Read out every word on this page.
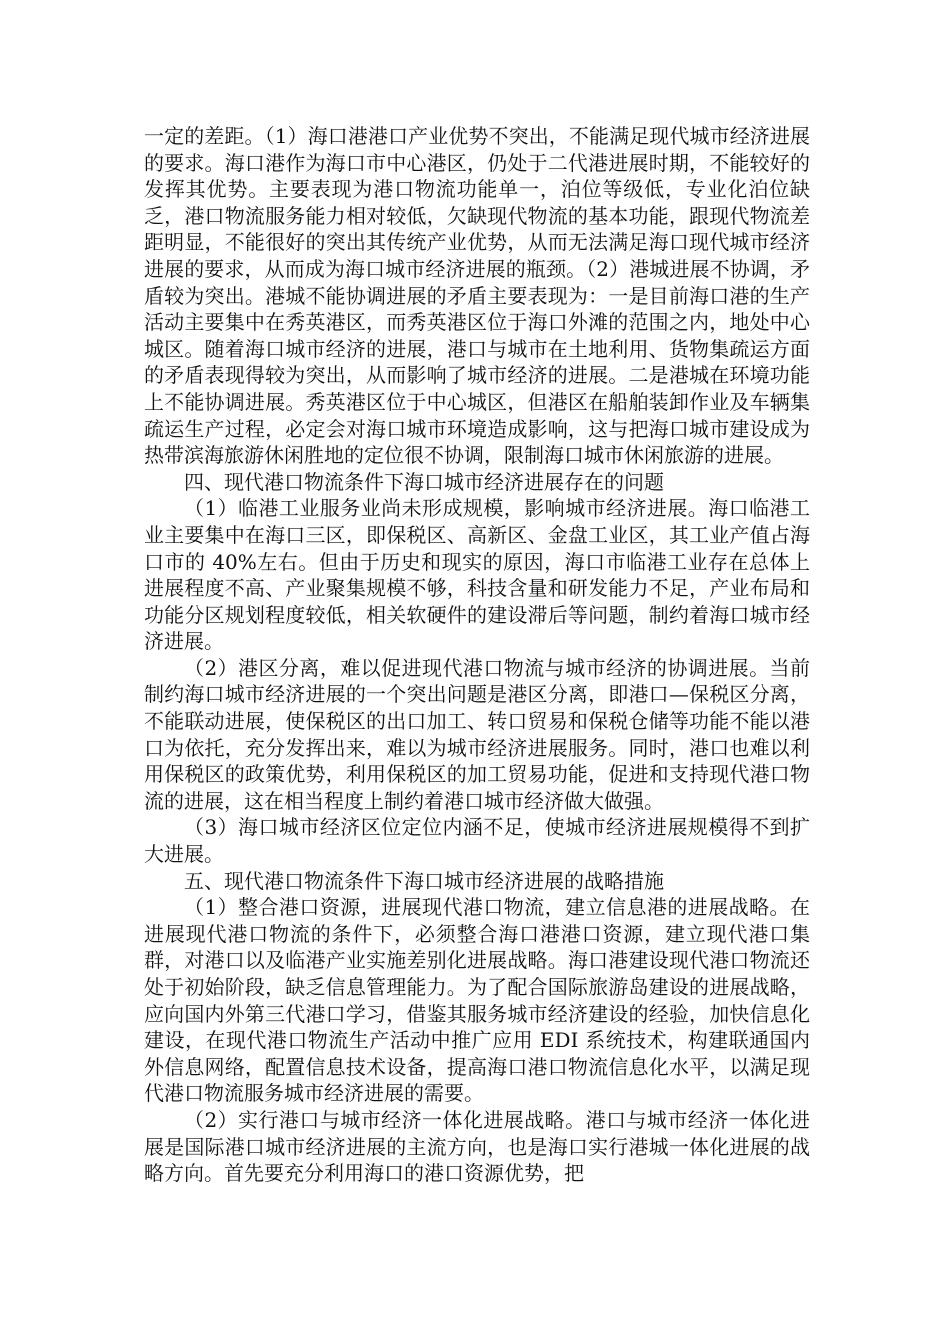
一定的差距。（1）海口港港口产业优势不突出，不能满足现代城市经济进展的要求。海口港作为海口市中心港区，仍处于二代港进展时期，不能较好的发挥其优势。主要表现为港口物流功能单一，泊位等级低，专业化泊位缺乏，港口物流服务能力相对较低，欠缺现代物流的基本功能，跟现代物流差距明显，不能很好的突出其传统产业优势，从而无法满足海口现代城市经济进展的要求，从而成为海口城市经济进展的瓶颈。（2）港城进展不协调，矛盾较为突出。港城不能协调进展的矛盾主要表现为：一是目前海口港的生产活动主要集中在秀英港区，而秀英港区位于海口外滩的范围之内，地处中心城区。随着海口城市经济的进展，港口与城市在土地利用、货物集疏运方面的矛盾表现得较为突出，从而影响了城市经济的进展。二是港城在环境功能上不能协调进展。秀英港区位于中心城区，但港区在船舶装卸作业及车辆集疏运生产过程，必定会对海口城市环境造成影响，这与把海口城市建设成为热带滨海旅游休闲胜地的定位很不协调，限制海口城市休闲旅游的进展。

四、现代港口物流条件下海口城市经济进展存在的问题

（1）临港工业服务业尚未形成规模，影响城市经济进展。海口临港工业主要集中在海口三区，即保税区、高新区、金盘工业区，其工业产值占海口市的 40%左右。但由于历史和现实的原因，海口市临港工业存在总体上进展程度不高、产业聚集规模不够，科技含量和研发能力不足，产业布局和功能分区规划程度较低，相关软硬件的建设滞后等问题，制约着海口城市经济进展。

（2）港区分离，难以促进现代港口物流与城市经济的协调进展。当前制约海口城市经济进展的一个突出问题是港区分离，即港口—保税区分离，不能联动进展，使保税区的出口加工、转口贸易和保税仓储等功能不能以港口为依托，充分发挥出来，难以为城市经济进展服务。同时，港口也难以利用保税区的政策优势，利用保税区的加工贸易功能，促进和支持现代港口物流的进展，这在相当程度上制约着港口城市经济做大做强。

（3）海口城市经济区位定位内涵不足，使城市经济进展规模得不到扩大进展。

五、现代港口物流条件下海口城市经济进展的战略措施

（1）整合港口资源，进展现代港口物流，建立信息港的进展战略。在进展现代港口物流的条件下，必须整合海口港港口资源，建立现代港口集群，对港口以及临港产业实施差别化进展战略。海口港建设现代港口物流还处于初始阶段，缺乏信息管理能力。为了配合国际旅游岛建设的进展战略，应向国内外第三代港口学习，借鉴其服务城市经济建设的经验，加快信息化建设，在现代港口物流生产活动中推广应用 EDI 系统技术，构建联通国内外信息网络，配置信息技术设备，提高海口港口物流信息化水平，以满足现代港口物流服务城市经济进展的需要。

（2）实行港口与城市经济一体化进展战略。港口与城市经济一体化进展是国际港口城市经济进展的主流方向，也是海口实行港城一体化进展的战略方向。首先要充分利用海口的港口资源优势，把
